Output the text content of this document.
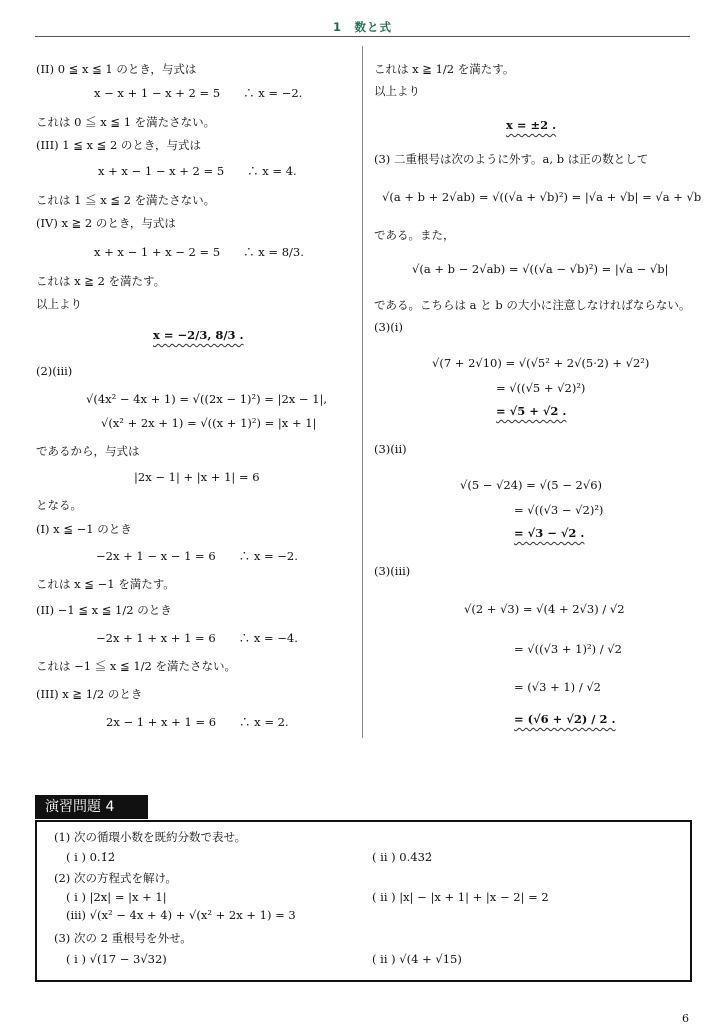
1　数と式
(II) 0 ≦ x ≦ 1 のとき，与式は
x − x + 1 − x + 2 = 5　　∴ x = −2.
これは 0 ≦ x ≦ 1 を満たさない。
(III) 1 ≦ x ≦ 2 のとき，与式は
x + x − 1 − x + 2 = 5　　∴ x = 4.
これは 1 ≦ x ≦ 2 を満たさない。
(IV) x ≧ 2 のとき，与式は
x + x − 1 + x − 2 = 5　　∴ x = 8/3.
これは x ≧ 2 を満たす。
以上より
x = −2/3, 8/3 .
(2)(iii)
√(4x² − 4x + 1) = √((2x − 1)²) = |2x − 1|,
√(x² + 2x + 1) = √((x + 1)²) = |x + 1|
であるから，与式は
|2x − 1| + |x + 1| = 6
となる。
(I) x ≦ −1 のとき
−2x + 1 − x − 1 = 6　　∴ x = −2.
これは x ≦ −1 を満たす。
(II) −1 ≦ x ≦ 1/2 のとき
−2x + 1 + x + 1 = 6　　∴ x = −4.
これは −1 ≦ x ≦ 1/2 を満たさない。
(III) x ≧ 1/2 のとき
2x − 1 + x + 1 = 6　　∴ x = 2.
これは x ≧ 1/2 を満たす。
以上より
x = ±2 .
(3) 二重根号は次のように外す。a, b は正の数として
√(a + b + 2√ab) = √((√a + √b)²) = |√a + √b| = √a + √b
である。また，
√(a + b − 2√ab) = √((√a − √b)²) = |√a − √b|
である。こちらは a と b の大小に注意しなければならない。
(3)(i)
√(7 + 2√10) = √(√5² + 2√(5·2) + √2²)
= √((√5 + √2)²)
= √5 + √2 .
(3)(ii)
√(5 − √24) = √(5 − 2√6)
= √((√3 − √2)²)
= √3 − √2 .
(3)(iii)
√(2 + √3) = √(4 + 2√3) / √2
= √((√3 + 1)²) / √2
= (√3 + 1) / √2
= (√6 + √2) / 2 .
演習問題 4
(1) 次の循環小数を既約分数で表せ。
( i ) 0.1̇2̇	( ii ) 0.4̇32̇
(2) 次の方程式を解け。
( i ) |2x| = |x + 1|	( ii ) |x| − |x + 1| + |x − 2| = 2
(iii) √(x² − 4x + 4) + √(x² + 2x + 1) = 3
(3) 次の 2 重根号を外せ。
( i ) √(17 − 3√32)	( ii ) √(4 + √15)
6
